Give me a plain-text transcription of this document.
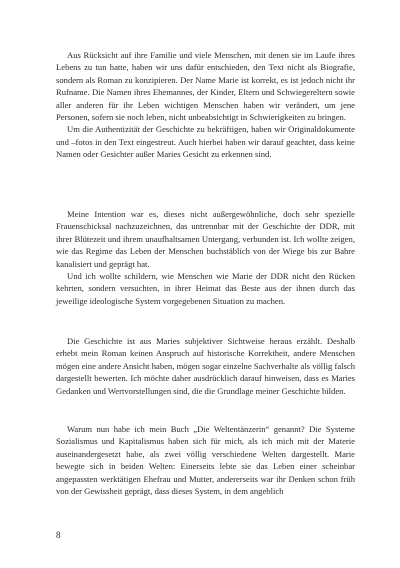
Aus Rücksicht auf ihre Familie und viele Menschen, mit denen sie im Laufe ihres Lebens zu tun hatte, haben wir uns dafür entschieden, den Text nicht als Biografie, sondern als Roman zu konzipieren. Der Name Marie ist korrekt, es ist jedoch nicht ihr Rufname. Die Namen ihres Ehemannes, der Kinder, Eltern und Schwiegereltern sowie aller anderen für ihr Leben wichtigen Menschen haben wir verändert, um jene Personen, sofern sie noch leben, nicht unbeabsichtigt in Schwierigkeiten zu bringen.

Um die Authentizität der Geschichte zu bekräftigen, haben wir Originaldokumente und –fotos in den Text eingestreut. Auch hierbei haben wir darauf geachtet, dass keine Namen oder Gesichter außer Maries Gesicht zu erkennen sind.

Meine Intention war es, dieses nicht außergewöhnliche, doch sehr spezielle Frauenschicksal nachzuzeichnen, das untrennbar mit der Geschichte der DDR, mit ihrer Blütezeit und ihrem unaufhaltsamen Untergang, verbunden ist. Ich wollte zeigen, wie das Regime das Leben der Menschen buchstäblich von der Wiege bis zur Bahre kanalisiert und geprägt hat.

Und ich wollte schildern, wie Menschen wie Marie der DDR nicht den Rücken kehrten, sondern versuchten, in ihrer Heimat das Beste aus der ihnen durch das jeweilige ideologische System vorgegebenen Situation zu machen.

Die Geschichte ist aus Maries subjektiver Sichtweise heraus erzählt. Deshalb erhebt mein Roman keinen Anspruch auf historische Korrektheit, andere Menschen mögen eine andere Ansicht haben, mögen sogar einzelne Sachverhalte als völlig falsch dargestellt bewerten. Ich möchte daher ausdrücklich darauf hinweisen, dass es Maries Gedanken und Wertvorstellungen sind, die die Grundlage meiner Geschichte bilden.

Warum nun habe ich mein Buch „Die Weltentänzerin“ genannt? Die Systeme Sozialismus und Kapitalismus haben sich für mich, als ich mich mit der Materie auseinandergesetzt habe, als zwei völlig verschiedene Welten dargestellt. Marie bewegte sich in beiden Welten: Einerseits lebte sie das Leben einer scheinbar angepassten werktätigen Ehefrau und Mutter, andererseits war ihr Denken schon früh von der Gewissheit geprägt, dass dieses System, in dem angeblich

8
